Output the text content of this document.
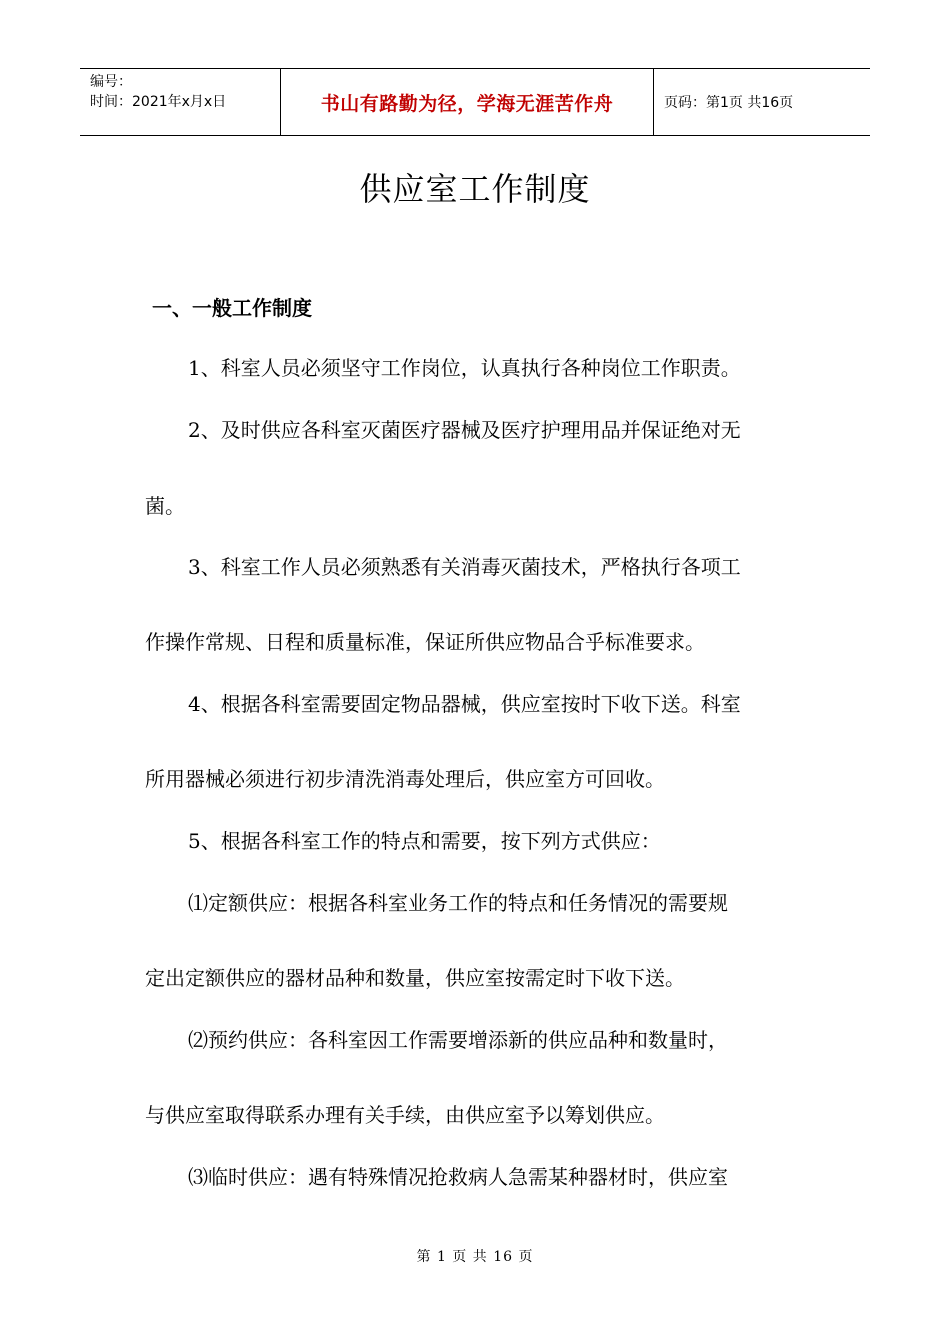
编号：
时间：2021年x月x日	书山有路勤为径，学海无涯苦作舟	页码：第1页 共16页
供应室工作制度
一、一般工作制度
1、科室人员必须坚守工作岗位，认真执行各种岗位工作职责。
2、及时供应各科室灭菌医疗器械及医疗护理用品并保证绝对无
菌。
3、科室工作人员必须熟悉有关消毒灭菌技术，严格执行各项工
作操作常规、日程和质量标准，保证所供应物品合乎标准要求。
4、根据各科室需要固定物品器械，供应室按时下收下送。科室
所用器械必须进行初步清洗消毒处理后，供应室方可回收。
5、根据各科室工作的特点和需要，按下列方式供应：
⑴定额供应：根据各科室业务工作的特点和任务情况的需要规
定出定额供应的器材品种和数量，供应室按需定时下收下送。
⑵预约供应：各科室因工作需要增添新的供应品种和数量时，
与供应室取得联系办理有关手续，由供应室予以筹划供应。
⑶临时供应：遇有特殊情况抢救病人急需某种器材时，供应室
第 1 页 共 16 页
